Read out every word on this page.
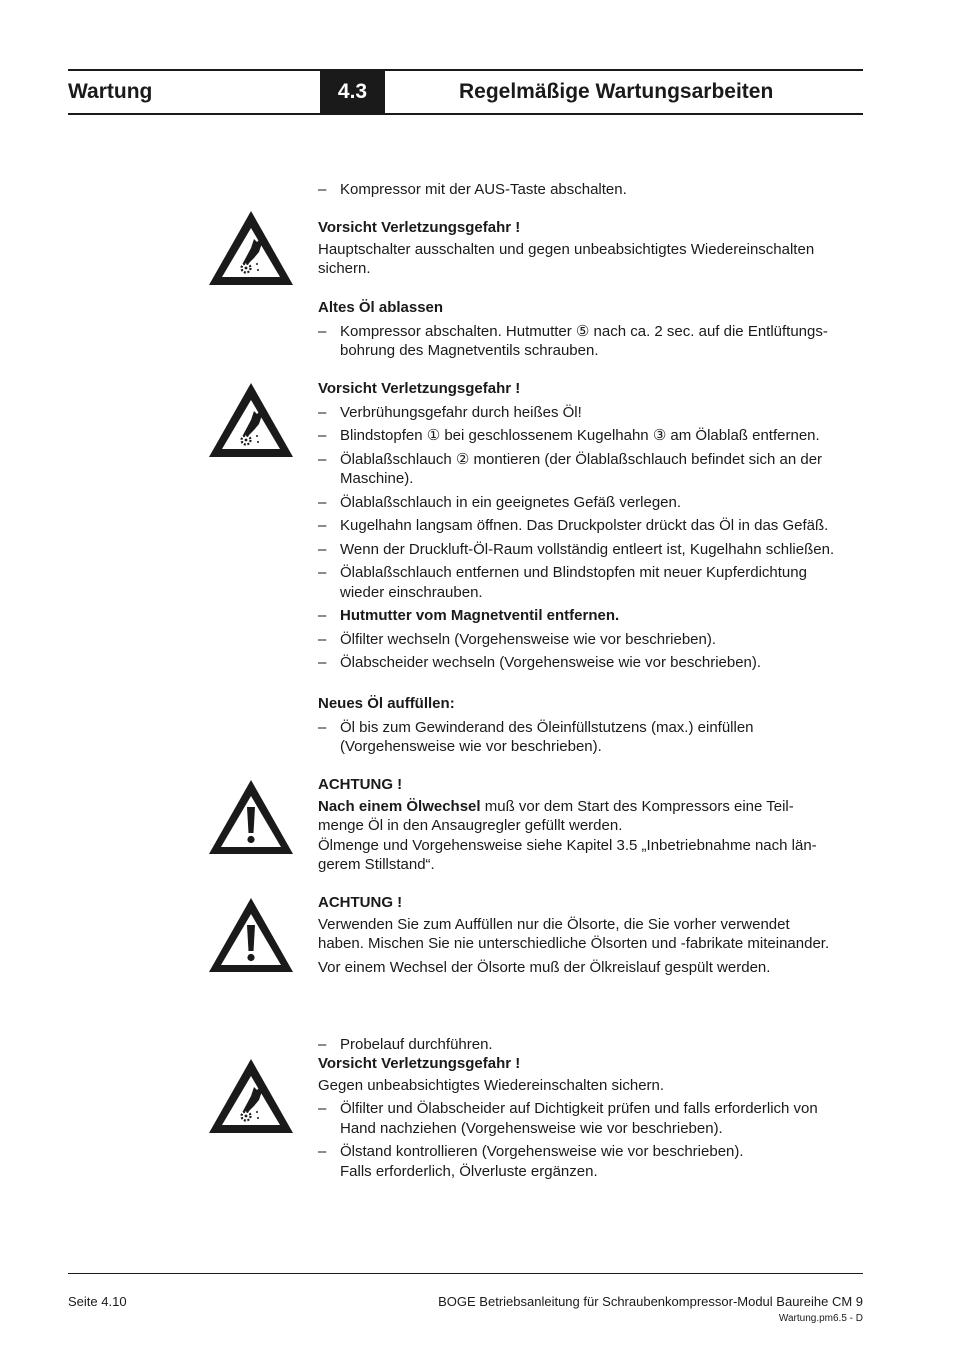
Wartung	4.3	Regelmäßige Wartungsarbeiten
– Kompressor mit der AUS-Taste abschalten.
Vorsicht Verletzungsgefahr !
Hauptschalter ausschalten und gegen unbeabsichtigtes Wiedereinschalten
sichern.
Altes Öl ablassen
– Kompressor abschalten. Hutmutter ⑤ nach ca. 2 sec. auf die Entlüftungs-
bohrung des Magnetventils schrauben.
Vorsicht Verletzungsgefahr !
– Verbrühungsgefahr durch heißes Öl!
– Blindstopfen ① bei geschlossenem Kugelhahn ③ am Ölablaß entfernen.
– Ölablaßschlauch ② montieren (der Ölablaßschlauch befindet sich an der
Maschine).
– Ölablaßschlauch in ein geeignetes Gefäß verlegen.
– Kugelhahn langsam öffnen. Das Druckpolster drückt das Öl in das Gefäß.
– Wenn der Druckluft-Öl-Raum vollständig entleert ist, Kugelhahn schließen.
– Ölablaßschlauch entfernen und Blindstopfen mit neuer Kupferdichtung
wieder einschrauben.
– Hutmutter vom Magnetventil entfernen.
– Ölfilter wechseln (Vorgehensweise wie vor beschrieben).
– Ölabscheider wechseln (Vorgehensweise wie vor beschrieben).
Neues Öl auffüllen:
– Öl bis zum Gewinderand des Öleinfüllstutzens (max.) einfüllen
(Vorgehensweise wie vor beschrieben).
ACHTUNG !
Nach einem Ölwechsel muß vor dem Start des Kompressors eine Teil-
menge Öl in den Ansaugregler gefüllt werden.
Ölmenge und Vorgehensweise siehe Kapitel 3.5 „Inbetriebnahme nach län-
gerem Stillstand“.
ACHTUNG !
Verwenden Sie zum Auffüllen nur die Ölsorte, die Sie vorher verwendet
haben. Mischen Sie nie unterschiedliche Ölsorten und -fabrikate miteinander.
Vor einem Wechsel der Ölsorte muß der Ölkreislauf gespült werden.
– Probelauf durchführen.
Vorsicht Verletzungsgefahr !
Gegen unbeabsichtigtes Wiedereinschalten sichern.
– Ölfilter und Ölabscheider auf Dichtigkeit prüfen und falls erforderlich von
Hand nachziehen (Vorgehensweise wie vor beschrieben).
– Ölstand kontrollieren (Vorgehensweise wie vor beschrieben).
Falls erforderlich, Ölverluste ergänzen.
Seite 4.10	BOGE Betriebsanleitung für Schraubenkompressor-Modul Baureihe CM 9
Wartung.pm6.5 - D
